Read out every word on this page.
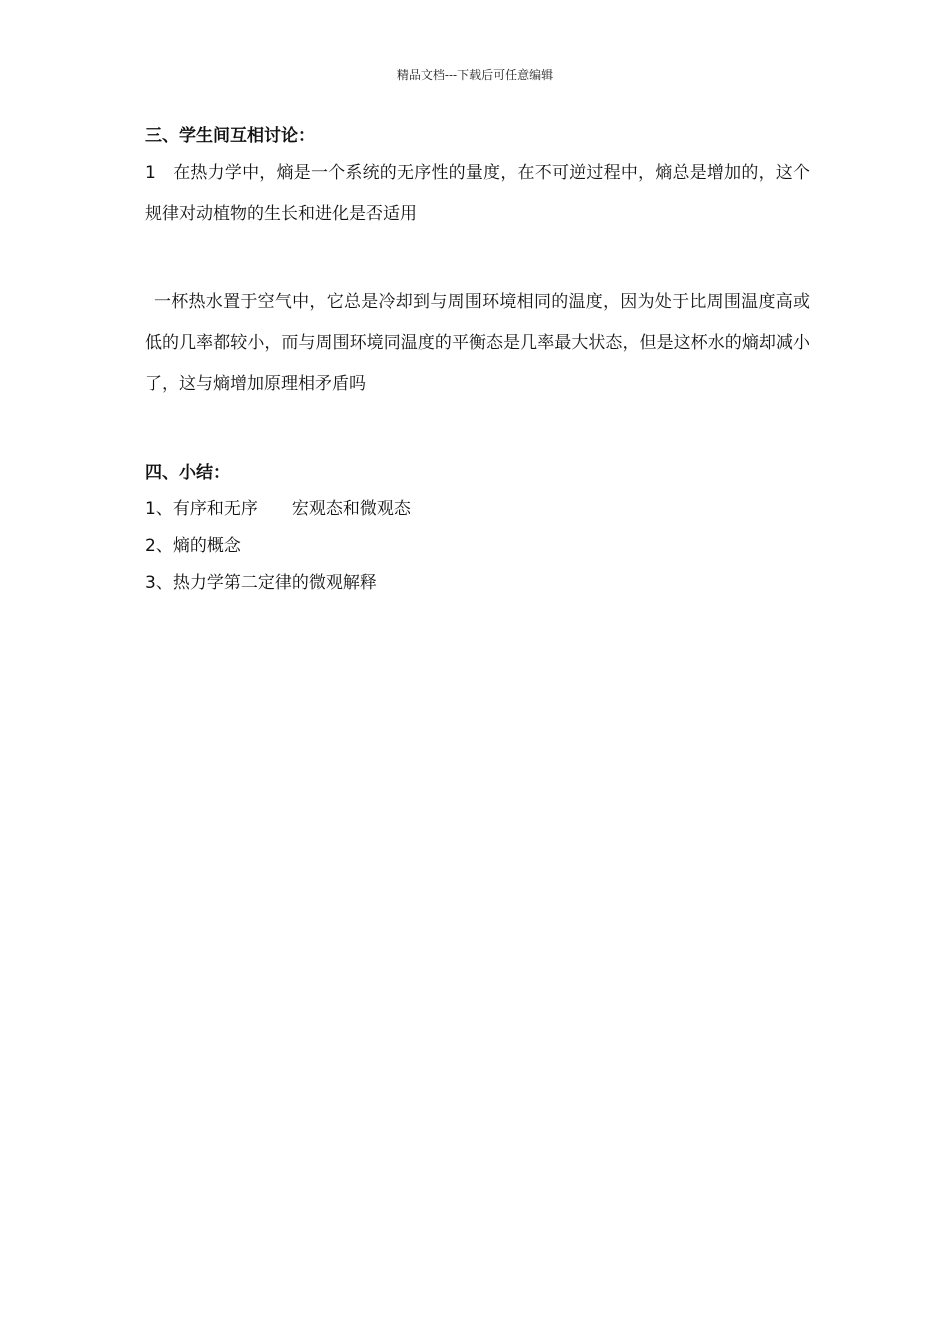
精品文档---下载后可任意编辑
三、学生间互相讨论：
1 在热力学中，熵是一个系统的无序性的量度，在不可逆过程中，熵总是增加的，这个规律对动植物的生长和进化是否适用
一杯热水置于空气中，它总是冷却到与周围环境相同的温度，因为处于比周围温度高或低的几率都较小，而与周围环境同温度的平衡态是几率最大状态，但是这杯水的熵却减小了，这与熵增加原理相矛盾吗
四、小结：
1、有序和无序　　宏观态和微观态
2、熵的概念
3、热力学第二定律的微观解释
